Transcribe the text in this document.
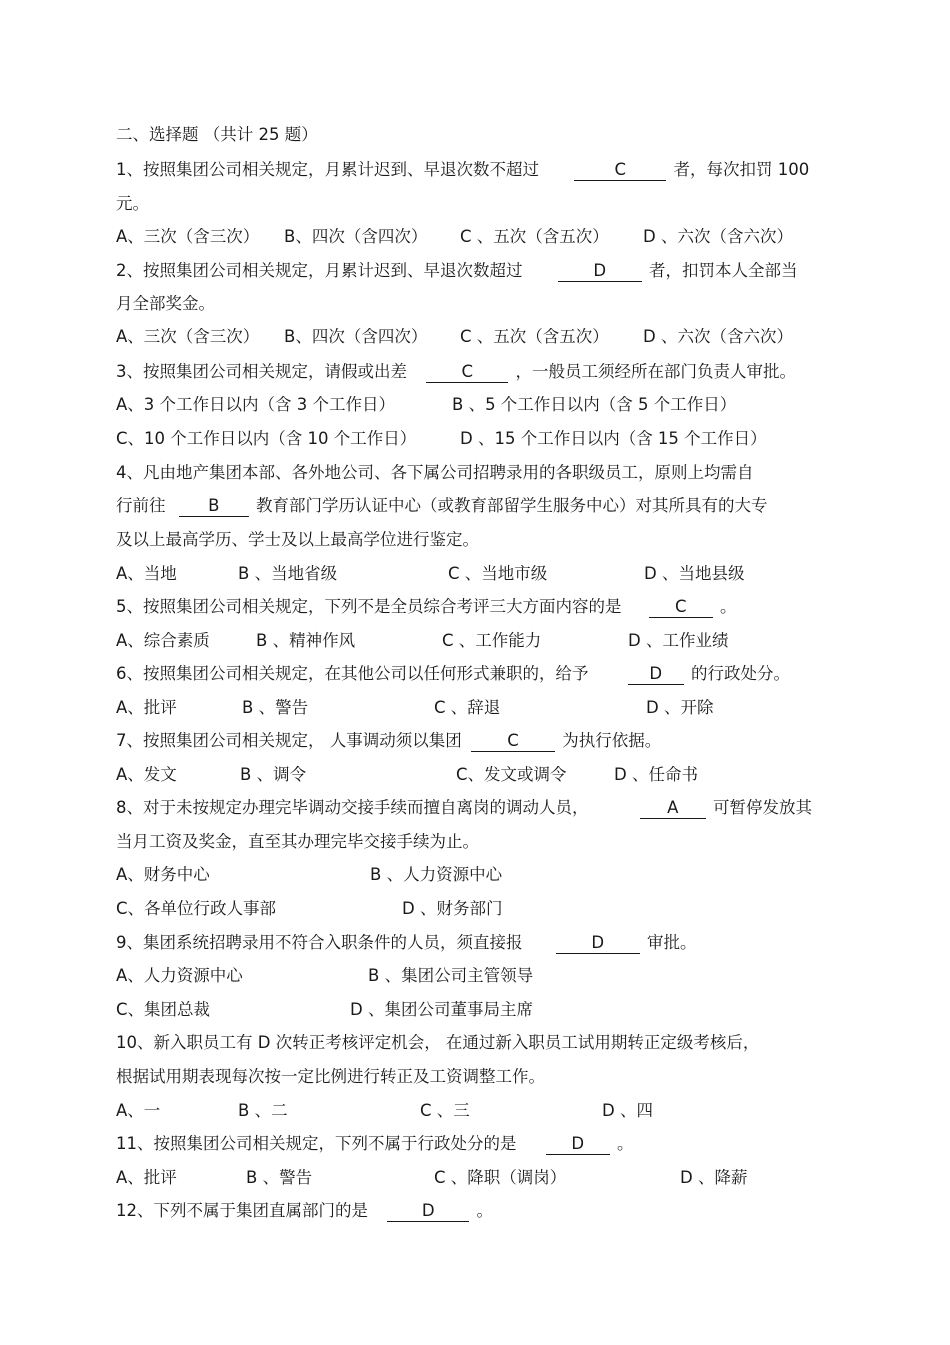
二、选择题 （共计 25 题）
1、按照集团公司相关规定，月累计迟到、早退次数不超过	C	者，每次扣罚 100
元。
A、三次（含三次） B、四次（含四次） C 、五次（含五次） D 、六次（含六次）
2、按照集团公司相关规定，月累计迟到、早退次数超过	D	者，扣罚本人全部当
月全部奖金。
A、三次（含三次） B、四次（含四次） C 、五次（含五次） D 、六次（含六次）
3、按照集团公司相关规定，请假或出差	C	，一般员工须经所在部门负责人审批。
A、3 个工作日以内（含 3 个工作日）	B 、5 个工作日以内（含 5 个工作日）
C、10 个工作日以内（含 10 个工作日）	D 、15 个工作日以内（含 15 个工作日）
4、凡由地产集团本部、各外地公司、各下属公司招聘录用的各职级员工，原则上均需自
行前往	B 教育部门学历认证中心（或教育部留学生服务中心）对其所具有的大专
及以上最高学历、学士及以上最高学位进行鉴定。
A、当地	B 、当地省级	C 、当地市级	D 、当地县级
5、按照集团公司相关规定，下列不是全员综合考评三大方面内容的是	C 。
A、综合素质	B 、精神作风	C 、工作能力	D 、工作业绩
6、按照集团公司相关规定，在其他公司以任何形式兼职的，给予	D 的行政处分。
A、批评	B 、警告	C 、辞退	D 、开除
7、按照集团公司相关规定， 人事调动须以集团	C	为执行依据。
A、发文	B 、调令	C、发文或调令	D 、任命书
8、对于未按规定办理完毕调动交接手续而擅自离岗的调动人员，	A 可暂停发放其
当月工资及奖金，直至其办理完毕交接手续为止。
A、财务中心	B 、人力资源中心
C、各单位行政人事部	D 、财务部门
9、集团系统招聘录用不符合入职条件的人员，须直接报	D	审批。
A、人力资源中心	B 、集团公司主管领导
C、集团总裁	D 、集团公司董事局主席
10、新入职员工有 D 次转正考核评定机会， 在通过新入职员工试用期转正定级考核后，
根据试用期表现每次按一定比例进行转正及工资调整工作。
A、一	B 、二	C 、三	D 、四
11、按照集团公司相关规定，下列不属于行政处分的是	D 。
A、批评	B 、警告	C 、降职（调岗）	D 、降薪
12、下列不属于集团直属部门的是	D	。
